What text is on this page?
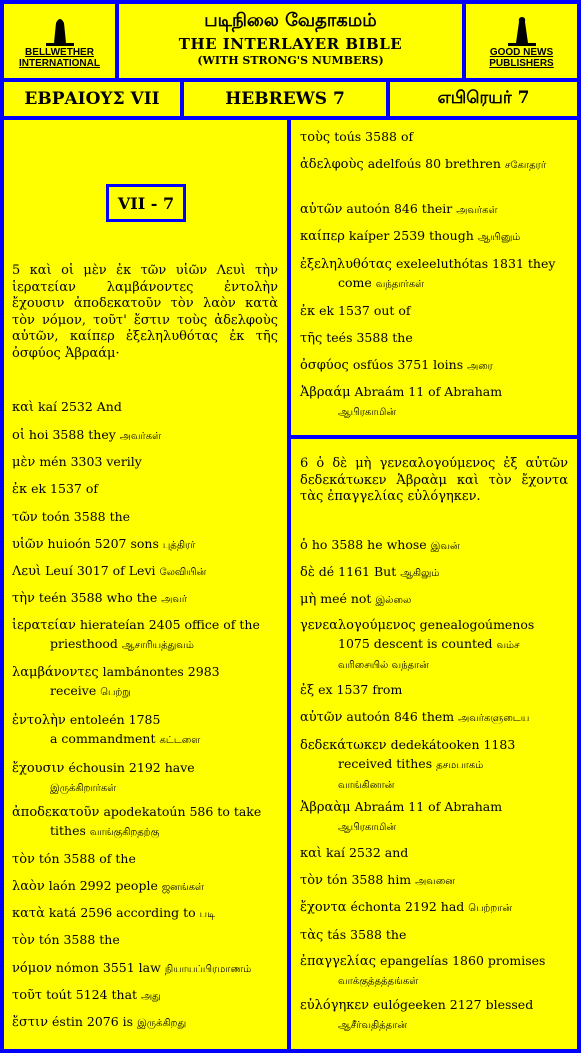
BELLWETHER INTERNATIONAL
படிநிலை வேதாகமம்
THE INTERLAYER BIBLE
(WITH STRONG'S NUMBERS)
GOOD NEWS PUBLISHERS
ΕΒΡΑΙΟΥΣ VII	HEBREWS 7	எபிரெயர் 7
VII - 7
5 καὶ οἱ μὲν ἐκ τῶν υἱῶν Λευὶ τὴν ἱερατείαν λαμβάνοντες ἐντολὴν ἔχουσιν ἀποδεκατοῦν τὸν λαὸν κατὰ τὸν νόμον, τοῦτ' ἔστιν τοὺς ἀδελφοὺς αὐτῶν, καίπερ ἐξεληλυθότας ἐκ τῆς ὀσφύος Ἀβραάμ·
καὶ kaí 2532 And
οἱ hoi 3588 they அவர்கள்
μὲν mén 3303 verily
ἐκ ek 1537 of
τῶν toón 3588 the
υἱῶν huioón 5207 sons புத்திரர்
Λευὶ Leuí 3017 of Levi லேவியின்
τὴν teén 3588 who the அவர்
ἱερατείαν hierateían 2405 office of the
priesthood ஆசாரியத்துவம்
λαμβάνοντες lambánontes 2983
receive பெற்று
ἐντολὴν entoleén 1785
a commandment கட்டளை
ἔχουσιν échousin 2192 have
இருக்கிறார்கள்
ἀποδεκατοῦν apodekatoún 586 to take
tithes வாங்குகிறதற்கு
τὸν tón 3588 of the
λαὸν laón 2992 people ஜனங்கள்
κατὰ katá 2596 according to படி
τὸν tón 3588 the
νόμον nómon 3551 law நியாயப்பிரமாணம்
τοῦτ toút 5124 that அது
ἔστιν éstin 2076 is இருக்கிறது
τοὺς toús 3588 of
ἀδελφοὺς adelfoús 80 brethren சகோதரர்
αὐτῶν autoón 846 their அவர்கள்
καίπερ kaíper 2539 though ஆயினும்
ἐξεληλυθότας exeleeluthótas 1831 they
come வந்தார்கள்
ἐκ ek 1537 out of
τῆς teés 3588 the
ὀσφύος osfúos 3751 loins அரை
Ἀβραάμ Abraám 11 of Abraham
ஆபிரகாமின்
6 ὁ δὲ μὴ γενεαλογούμενος ἐξ αὐτῶν δεδεκάτωκεν Ἀβραὰμ καὶ τὸν ἔχοντα τὰς ἐπαγγελίας εὐλόγηκεν.
ὁ ho 3588 he whose இவன்
δὲ dé 1161 But ஆகிலும்
μὴ meé not இல்லை
γενεαλογούμενος genealogoúmenos
1075 descent is counted வம்ச
வரிசையில் வந்தான்
ἐξ ex 1537 from
αὐτῶν autoón 846 them அவர்களுடைய
δεδεκάτωκεν dedekátooken 1183
received tithes தசமபாகம்
வாங்கினான்
Ἀβραὰμ Abraám 11 of Abraham
ஆபிரகாமின்
καὶ kaí 2532 and
τὸν tón 3588 him அவனை
ἔχοντα échonta 2192 had பெற்றான்
τὰς tás 3588 the
ἐπαγγελίας epangelías 1860 promises
வாக்குத்தத்தங்கள்
εὐλόγηκεν eulógeeken 2127 blessed
ஆசீர்வதித்தான்
